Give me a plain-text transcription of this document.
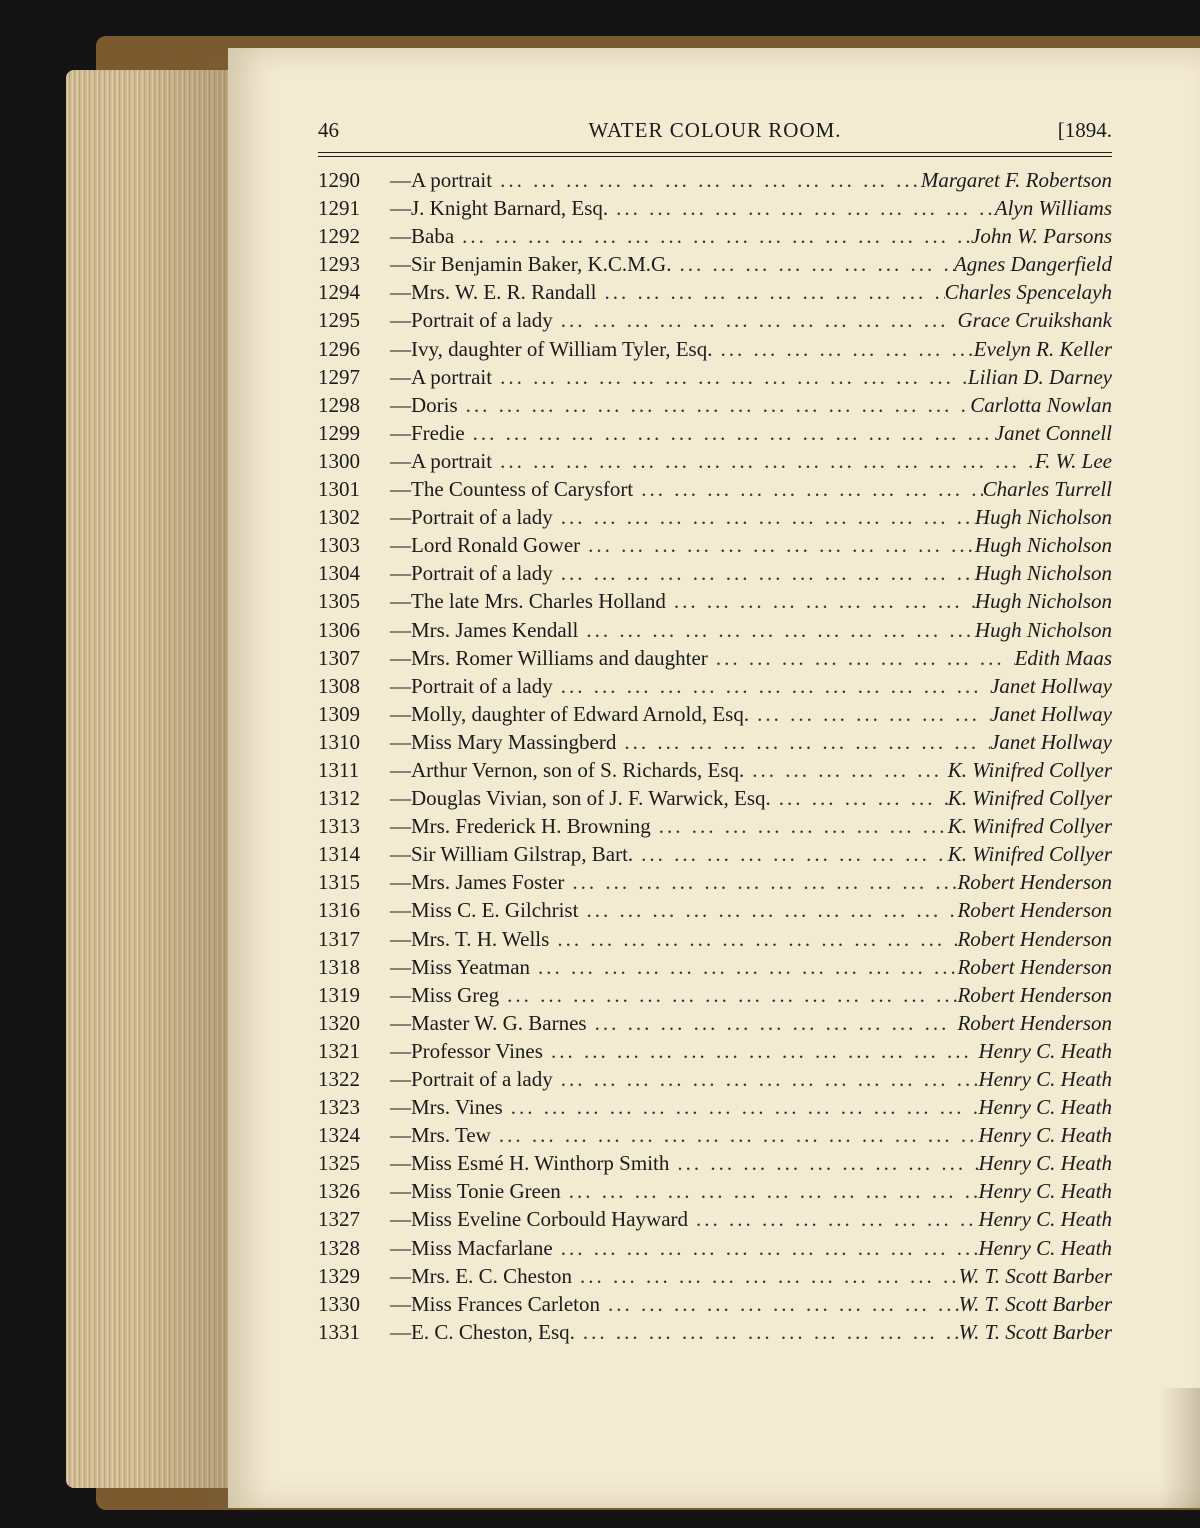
46	WATER COLOUR ROOM.	[1894.
1290	—A portrait ... .	Margaret F. Robertson
1291	—J. Knight Barnard, Esq. ... .	Alyn Williams
1292	—Baba ... .	John W. Parsons
1293	—Sir Benjamin Baker, K.C.M.G. ... .	Agnes Dangerfield
1294	—Mrs. W. E. R. Randall ... .	Charles Spencelayh
1295	—Portrait of a lady ... .	Grace Cruikshank
1296	—Ivy, daughter of William Tyler, Esq. ... .	Evelyn R. Keller
1297	—A portrait ... .	Lilian D. Darney
1298	—Doris ... .	Carlotta Nowlan
1299	—Fredie ... .	Janet Connell
1300	—A portrait ... .	F. W. Lee
1301	—The Countess of Carysfort ... .	Charles Turrell
1302	—Portrait of a lady ... .	Hugh Nicholson
1303	—Lord Ronald Gower ... .	Hugh Nicholson
1304	—Portrait of a lady ... .	Hugh Nicholson
1305	—The late Mrs. Charles Holland ... .	Hugh Nicholson
1306	—Mrs. James Kendall ... .	Hugh Nicholson
1307	—Mrs. Romer Williams and daughter ... .	Edith Maas
1308	—Portrait of a lady ... .	Janet Hollway
1309	—Molly, daughter of Edward Arnold, Esq. ... .	Janet Hollway
1310	—Miss Mary Massingberd ... .	Janet Hollway
1311	—Arthur Vernon, son of S. Richards, Esq. ... .	K. Winifred Collyer
1312	—Douglas Vivian, son of J. F. Warwick, Esq. ... .	K. Winifred Collyer
1313	—Mrs. Frederick H. Browning ... .	K. Winifred Collyer
1314	—Sir William Gilstrap, Bart. ... .	K. Winifred Collyer
1315	—Mrs. James Foster ... .	Robert Henderson
1316	—Miss C. E. Gilchrist ... .	Robert Henderson
1317	—Mrs. T. H. Wells ... .	Robert Henderson
1318	—Miss Yeatman ... .	Robert Henderson
1319	—Miss Greg ... .	Robert Henderson
1320	—Master W. G. Barnes ... .	Robert Henderson
1321	—Professor Vines ... .	Henry C. Heath
1322	—Portrait of a lady ... .	Henry C. Heath
1323	—Mrs. Vines ... .	Henry C. Heath
1324	—Mrs. Tew ... .	Henry C. Heath
1325	—Miss Esmé H. Winthorp Smith ... .	Henry C. Heath
1326	—Miss Tonie Green ... .	Henry C. Heath
1327	—Miss Eveline Corbould Hayward ... .	Henry C. Heath
1328	—Miss Macfarlane ... .	Henry C. Heath
1329	—Mrs. E. C. Cheston ... .	W. T. Scott Barber
1330	—Miss Frances Carleton ... .	W. T. Scott Barber
1331	—E. C. Cheston, Esq. ... .	W. T. Scott Barber
